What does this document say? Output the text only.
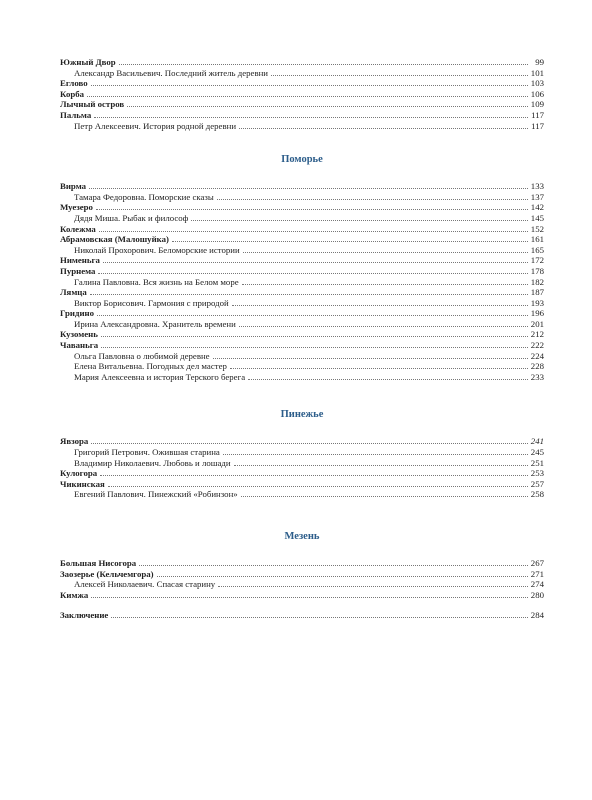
Южный Двор	99
Александр Васильевич. Последний житель деревни	101
Еглово	103
Корба	106
Лычный остров	109
Пальма	117
Петр Алексеевич. История родной деревни	117
Поморье
Вирма	133
Тамара Федоровна. Поморские сказы	137
Муезеро	142
Дядя Миша. Рыбак и философ	145
Колежма	152
Абрамовская (Малошуйка)	161
Николай Прохорович. Беломорские истории	165
Нименьга	172
Пурнема	178
Галина Павловна. Вся жизнь на Белом море	182
Лямца	187
Виктор Борисович. Гармония с природой	193
Гридино	196
Ирина Александровна. Хранитель времени	201
Кузомень	212
Чаваньга	222
Ольга Павловна о любимой деревне	224
Елена Витальевна. Погодных дел мастер	228
Мария Алексеевна и история Терского берега	233
Пинежье
Явзора	241
Григорий Петрович. Ожившая старина	245
Владимир Николаевич. Любовь и лошади	251
Кулогора	253
Чикинская	257
Евгений Павлович. Пинежский «Робинзон»	258
Мезень
Большая Нисогора	267
Заозерье (Кельчемгора)	271
Алексей Николаевич. Спасая старину	274
Кимжа	280
Заключение	284
